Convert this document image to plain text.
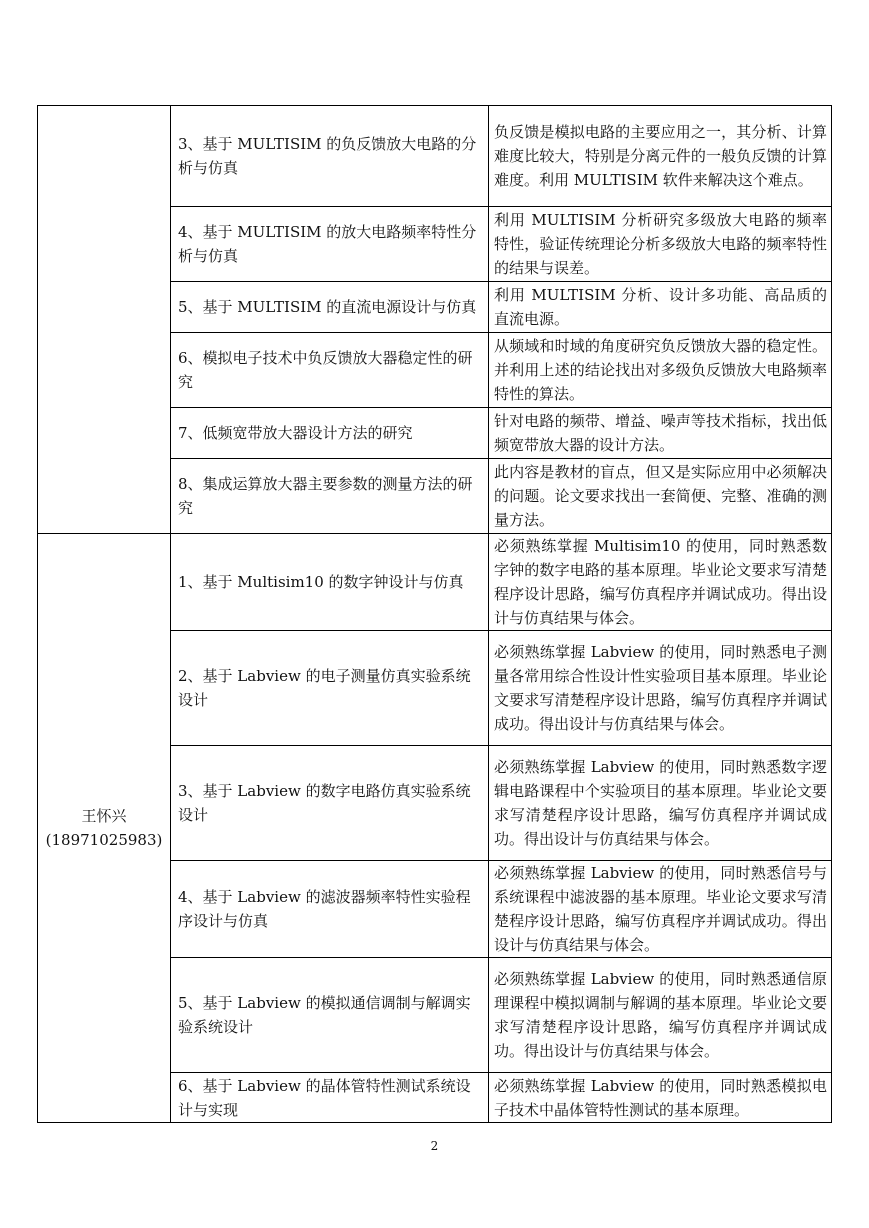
	3、基于 MULTISIM 的负反馈放大电路的分析与仿真	负反馈是模拟电路的主要应用之一，其分析、计算难度比较大，特别是分离元件的一般负反馈的计算难度。利用 MULTISIM 软件来解决这个难点。
	4、基于 MULTISIM 的放大电路频率特性分析与仿真	利用 MULTISIM 分析研究多级放大电路的频率特性，验证传统理论分析多级放大电路的频率特性的结果与误差。
	5、基于 MULTISIM 的直流电源设计与仿真	利用 MULTISIM 分析、设计多功能、高品质的直流电源。
	6、模拟电子技术中负反馈放大器稳定性的研究	从频域和时域的角度研究负反馈放大器的稳定性。并利用上述的结论找出对多级负反馈放大电路频率特性的算法。
	7、低频宽带放大器设计方法的研究	针对电路的频带、增益、噪声等技术指标，找出低频宽带放大器的设计方法。
	8、集成运算放大器主要参数的测量方法的研究	此内容是教材的盲点，但又是实际应用中必须解决的问题。论文要求找出一套简便、完整、准确的测量方法。

王怀兴
(18971025983)	1、基于 Multisim10 的数字钟设计与仿真	必须熟练掌握 Multisim10 的使用，同时熟悉数字钟的数字电路的基本原理。毕业论文要求写清楚程序设计思路，编写仿真程序并调试成功。得出设计与仿真结果与体会。
	2、基于 Labview 的电子测量仿真实验系统设计	必须熟练掌握 Labview 的使用，同时熟悉电子测量各常用综合性设计性实验项目基本原理。毕业论文要求写清楚程序设计思路，编写仿真程序并调试成功。得出设计与仿真结果与体会。
	3、基于 Labview 的数字电路仿真实验系统设计	必须熟练掌握 Labview 的使用，同时熟悉数字逻辑电路课程中个实验项目的基本原理。毕业论文要求写清楚程序设计思路，编写仿真程序并调试成功。得出设计与仿真结果与体会。
	4、基于 Labview 的滤波器频率特性实验程序设计与仿真	必须熟练掌握 Labview 的使用，同时熟悉信号与系统课程中滤波器的基本原理。毕业论文要求写清楚程序设计思路，编写仿真程序并调试成功。得出设计与仿真结果与体会。
	5、基于 Labview 的模拟通信调制与解调实验系统设计	必须熟练掌握 Labview 的使用，同时熟悉通信原理课程中模拟调制与解调的基本原理。毕业论文要求写清楚程序设计思路，编写仿真程序并调试成功。得出设计与仿真结果与体会。
	6、基于 Labview 的晶体管特性测试系统设计与实现	必须熟练掌握 Labview 的使用，同时熟悉模拟电子技术中晶体管特性测试的基本原理。
2
